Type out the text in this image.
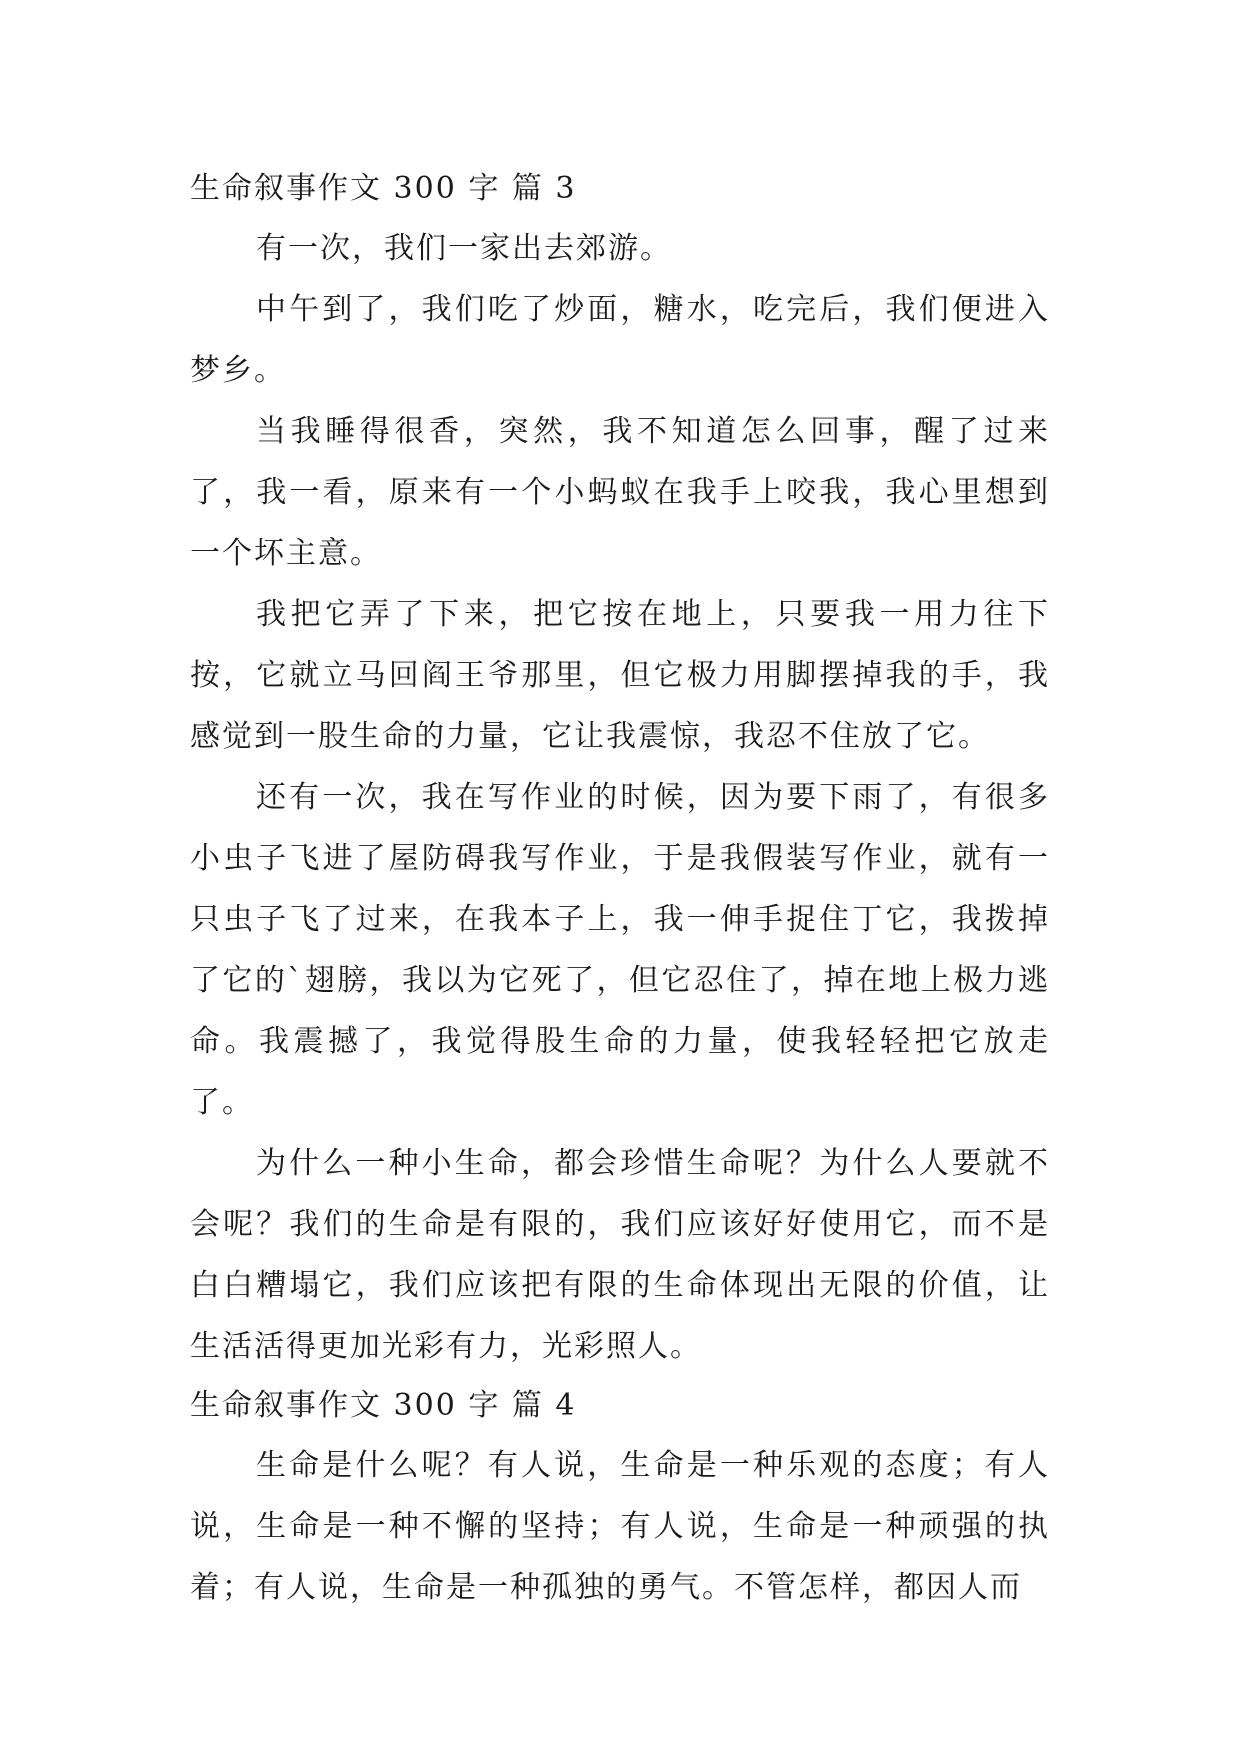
生命叙事作文 300 字 篇 3

有一次，我们一家出去郊游。

中午到了，我们吃了炒面，糖水，吃完后，我们便进入梦乡。

当我睡得很香，突然，我不知道怎么回事，醒了过来了，我一看，原来有一个小蚂蚁在我手上咬我，我心里想到一个坏主意。

我把它弄了下来，把它按在地上，只要我一用力往下按，它就立马回阎王爷那里，但它极力用脚摆掉我的手，我感觉到一股生命的力量，它让我震惊，我忍不住放了它。

还有一次，我在写作业的时候，因为要下雨了，有很多小虫子飞进了屋防碍我写作业，于是我假装写作业，就有一只虫子飞了过来，在我本子上，我一伸手捉住丁它，我拨掉了它的`翅膀，我以为它死了，但它忍住了，掉在地上极力逃命。我震撼了，我觉得股生命的力量，使我轻轻把它放走了。

为什么一种小生命，都会珍惜生命呢？为什么人要就不会呢？我们的生命是有限的，我们应该好好使用它，而不是白白糟塌它，我们应该把有限的生命体现出无限的价值，让生活活得更加光彩有力，光彩照人。

生命叙事作文 300 字 篇 4

生命是什么呢？有人说，生命是一种乐观的态度；有人说，生命是一种不懈的坚持；有人说，生命是一种顽强的执着；有人说，生命是一种孤独的勇气。不管怎样，都因人而
